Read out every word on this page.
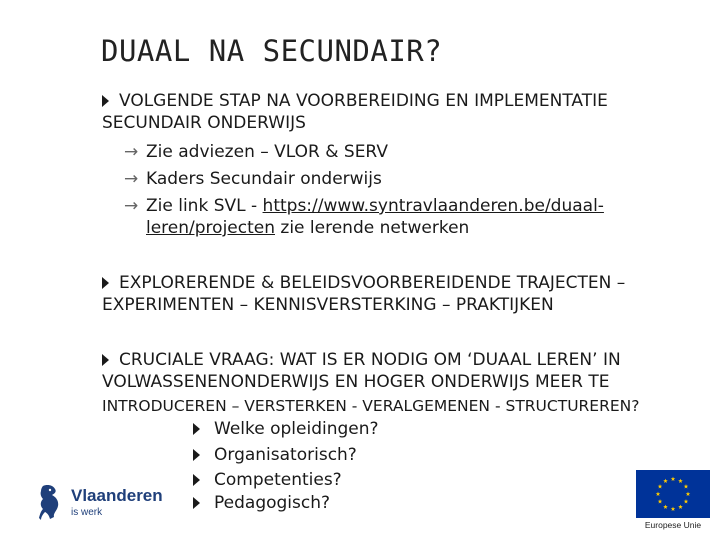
DUAAL NA SECUNDAIR?
VOLGENDE STAP NA VOORBEREIDING EN IMPLEMENTATIE SECUNDAIR ONDERWIJS
→ Zie adviezen – VLOR & SERV
→ Kaders Secundair onderwijs
→ Zie link SVL - https://www.syntravlaanderen.be/duaal-
leren/projecten zie lerende netwerken
EXPLORERENDE & BELEIDSVOORBEREIDENDE TRAJECTEN – EXPERIMENTEN – KENNISVERSTERKING – PRAKTIJKEN
CRUCIALE VRAAG: WAT IS ER NODIG OM ‘DUAAL LEREN’ IN VOLWASSENENONDERWIJS EN HOGER ONDERWIJS MEER TE
INTRODUCEREN – VERSTERKEN - VERALGEMENEN - STRUCTUREREN?
Welke opleidingen?
Organisatorisch?
Competenties?
Pedagogisch?
Vlaanderen
is werk
Europese Unie
